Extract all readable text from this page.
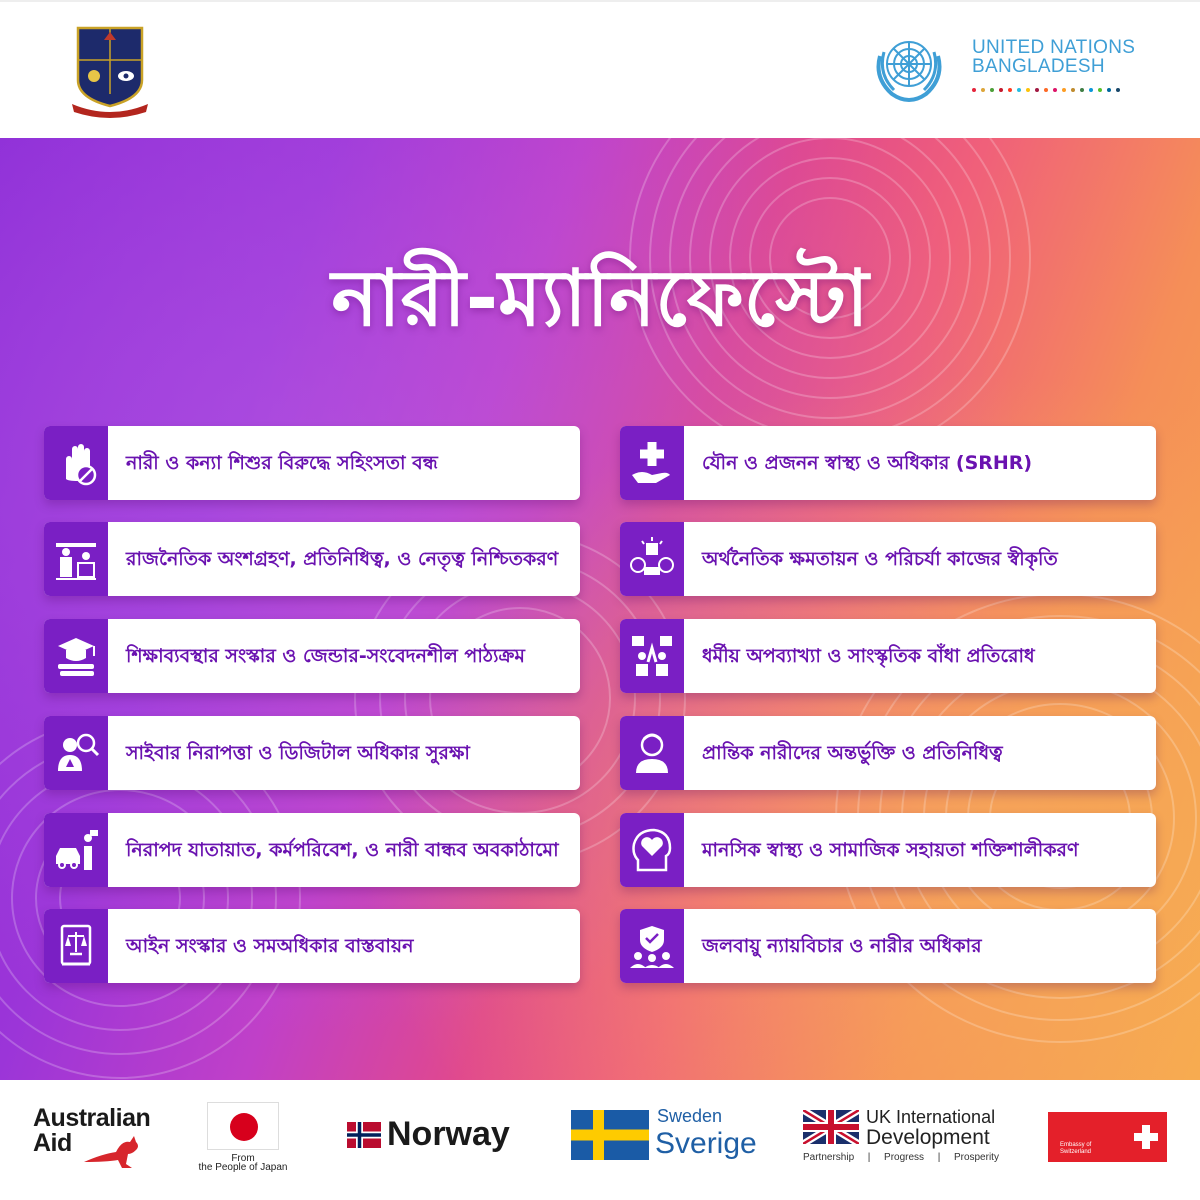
UNITED NATIONS
BANGLADESH
নারী-ম্যানিফেস্টো
নারী ও কন্যা শিশুর বিরুদ্ধে সহিংসতা বন্ধ
রাজনৈতিক অংশগ্রহণ, প্রতিনিধিত্ব, ও নেতৃত্ব নিশ্চিতকরণ
শিক্ষাব্যবস্থার সংস্কার ও জেন্ডার-সংবেদনশীল পাঠ্যক্রম
সাইবার নিরাপত্তা ও ডিজিটাল অধিকার সুরক্ষা
নিরাপদ যাতায়াত, কর্মপরিবেশ, ও নারী বান্ধব অবকাঠামো
আইন সংস্কার ও সমঅধিকার বাস্তবায়ন
যৌন ও প্রজনন স্বাস্থ্য ও অধিকার (SRHR)
অর্থনৈতিক ক্ষমতায়ন ও পরিচর্যা কাজের স্বীকৃতি
ধর্মীয় অপব্যাখ্যা ও সাংস্কৃতিক বাঁধা প্রতিরোধ
প্রান্তিক নারীদের অন্তর্ভুক্তি ও প্রতিনিধিত্ব
মানসিক স্বাস্থ্য ও সামাজিক সহায়তা শক্তিশালীকরণ
জলবায়ু ন্যায়বিচার ও নারীর অধিকার
Australian
Aid
From
the People of Japan
Norway	Sweden
Sverige
UK International
Development
Partnership | Progress | Prosperity
Embassy of Switzerland
